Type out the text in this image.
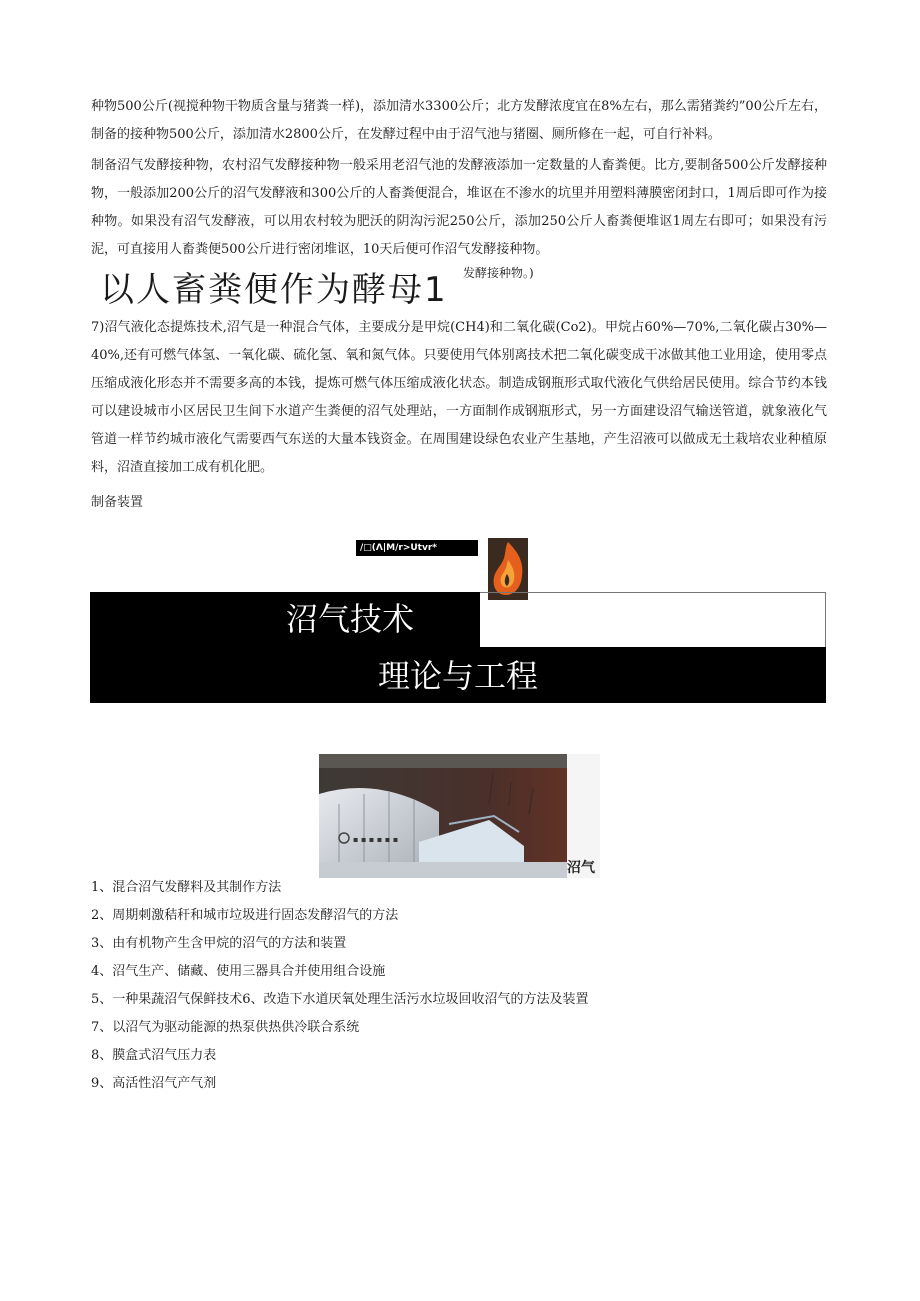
种物500公斤(视搅种物干物质含量与猪粪一样)，添加清水3300公斤；北方发酵浓度宜在8%左右，那么需猪粪约”00公斤左右，制备的接种物500公斤，添加清水2800公斤，在发酵过程中由于沼气池与猪圈、厕所修在一起，可自行补料。
制备沼气发酵接种物，农村沼气发酵接种物一般采用老沼气池的发酵液添加一定数量的人畜粪便。比方,要制备500公斤发酵接种物，一般添加200公斤的沼气发酵液和300公斤的人畜粪便混合，堆讴在不渗水的坑里并用塑料薄膜密闭封口，1周后即可作为接种物。如果没有沼气发酵液，可以用农村较为肥沃的阴沟污泥250公斤，添加250公斤人畜粪便堆讴1周左右即可；如果没有污泥，可直接用人畜粪便500公斤进行密闭堆讴，10天后便可作沼气发酵接种物。
以人畜粪便作为酵母1 发酵接种物。)
7)沼气液化态提炼技术,沼气是一种混合气体，主要成分是甲烷(CH4)和二氧化碳(Co2)。甲烷占60%—70%,二氧化碳占30%—40%,还有可燃气体氢、一氧化碳、硫化氢、氧和氮气体。只要使用气体别离技术把二氧化碳变成干冰做其他工业用途，使用零点压缩成液化形态并不需要多高的本钱，提炼可燃气体压缩成液化状态。制造成钢瓶形式取代液化气供给居民使用。综合节约本钱可以建设城市小区居民卫生间下水道产生粪便的沼气处理站，一方面制作成钢瓶形式，另一方面建设沼气输送管道，就象液化气管道一样节约城市液化气需要西气东送的大量本钱资金。在周围建设绿色农业产生基地，产生沼液可以做成无土栽培农业种植原料，沼渣直接加工成有机化肥。
制备装置
/□(Λ|M/r>Utvr*
沼气技术
理论与工程
▪ ▪ ▪ ▪ ▪ ▪
沼气
1、混合沼气发酵料及其制作方法
2、周期刺激秸秆和城市垃圾进行固态发酵沼气的方法
3、由有机物产生含甲烷的沼气的方法和装置
4、沼气生产、储藏、使用三器具合并使用组合设施
5、一种果蔬沼气保鲜技术6、改造下水道厌氧处理生活污水垃圾回收沼气的方法及装置
7、以沼气为驱动能源的热泵供热供冷联合系统
8、膜盒式沼气压力表
9、高活性沼气产气剂
